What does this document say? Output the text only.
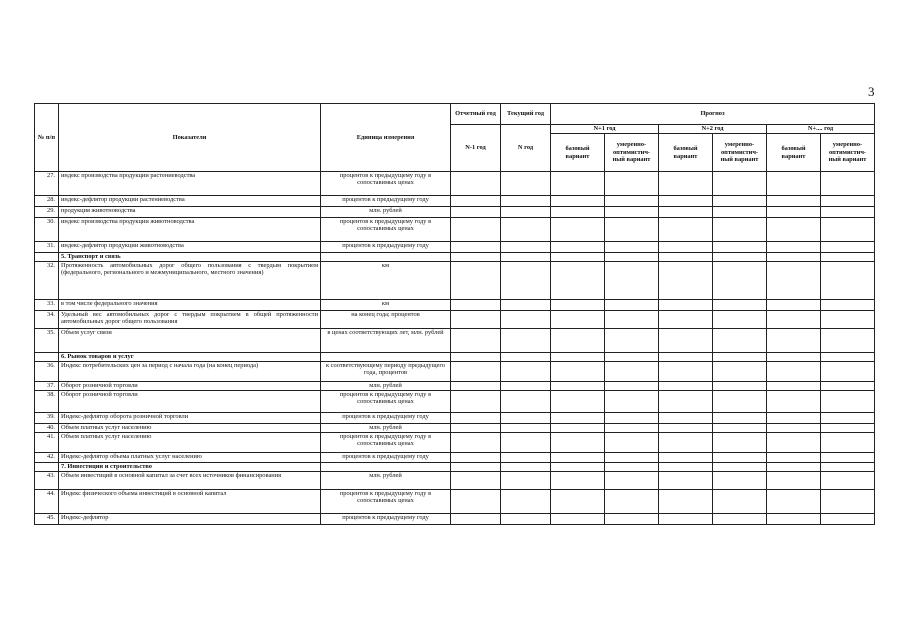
3
№ п/п	Показатели	Единица измерения	Отчетный год	Текущий год	Прогноз					
			N-1 год	N год	N+1 год		N+2 год		N+.... год	
					базовый вариант	умеренно-оптимистич-ный вариант	базовый вариант	умеренно-оптимистич-ный вариант	базовый вариант	умеренно-оптимистич-ный вариант
27.	индекс производства продукции растениеводства	процентов к предыдущему году в сопоставимых ценах								
28.	индекс-дефлятор продукции растениеводства	процентов к предыдущему году								
29.	продукция животноводства	млн. рублей								
30.	индекс производства продукции животноводства	процентов к предыдущему году в сопоставимых ценах								
31.	индекс-дефлятор продукции животноводства	процентов к предыдущему году								
	5. Транспорт и связь									
32.	Протяженность автомобильных дорог общего пользования с твердым покрытием (федерального, регионального и межмуниципального, местного значения)	км								
33.	в том числе федерального значения	км								
34.	Удельный вес автомобильных дорог с твердым покрытием в общей протяженности автомобильных дорог общего пользования	на конец года; процентов								
35.	Объем услуг связи	в ценах соответствующих лет, млн. рублей								
	6. Рынок товаров и услуг									
36.	Индекс потребительских цен за период с начала года (на конец периода)	к соответствующему периоду предыдущего года, процентов								
37.	Оборот розничной торговли	млн. рублей								
38.	Оборот розничной торговли	процентов к предыдущему году в сопоставимых ценах								
39.	Индекс-дефлятор оборота розничной торговли	процентов к предыдущему году								
40.	Объем платных услуг населению	млн. рублей								
41.	Объем платных услуг населению	процентов к предыдущему году в сопоставимых ценах								
42.	Индекс-дефлятор объема платных услуг населению	процентов к предыдущему году								
	7. Инвестиции и строительство									
43.	Объем инвестиций в основной капитал за счет всех источников финансирования	млн. рублей								
44.	Индекс физического объема инвестиций в основной капитал	процентов к предыдущему году в сопоставимых ценах								
45.	Индекс-дефлятор	процентов к предыдущему году								
